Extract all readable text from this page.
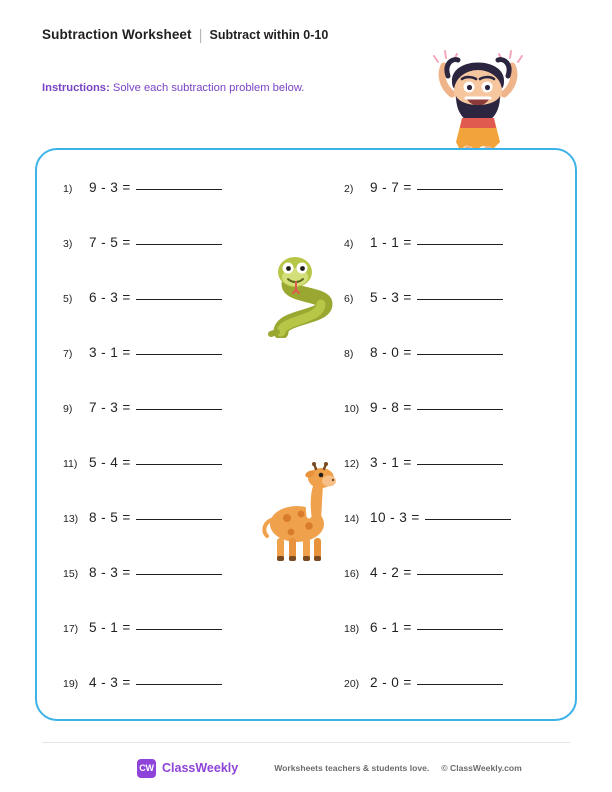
Subtraction Worksheet | Subtract within 0-10
Instructions: Solve each subtraction problem below.
1)	9 - 3 =
3)	7 - 5 =
5)	6 - 3 =
7)	3 - 1 =
9)	7 - 3 =
11) 5 - 4 =
13) 8 - 5 =
15) 8 - 3 =
17) 5 - 1 =
19) 4 - 3 =
2)	9 - 7 =
4)	1 - 1 =
6)	5 - 3 =
8)	8 - 0 =
10) 9 - 8 =
12) 3 - 1 =
14) 10 - 3 =
16) 4 - 2 =
18) 6 - 1 =
20) 2 - 0 =
CW ClassWeekly	Worksheets teachers & students love. © ClassWeekly.com
